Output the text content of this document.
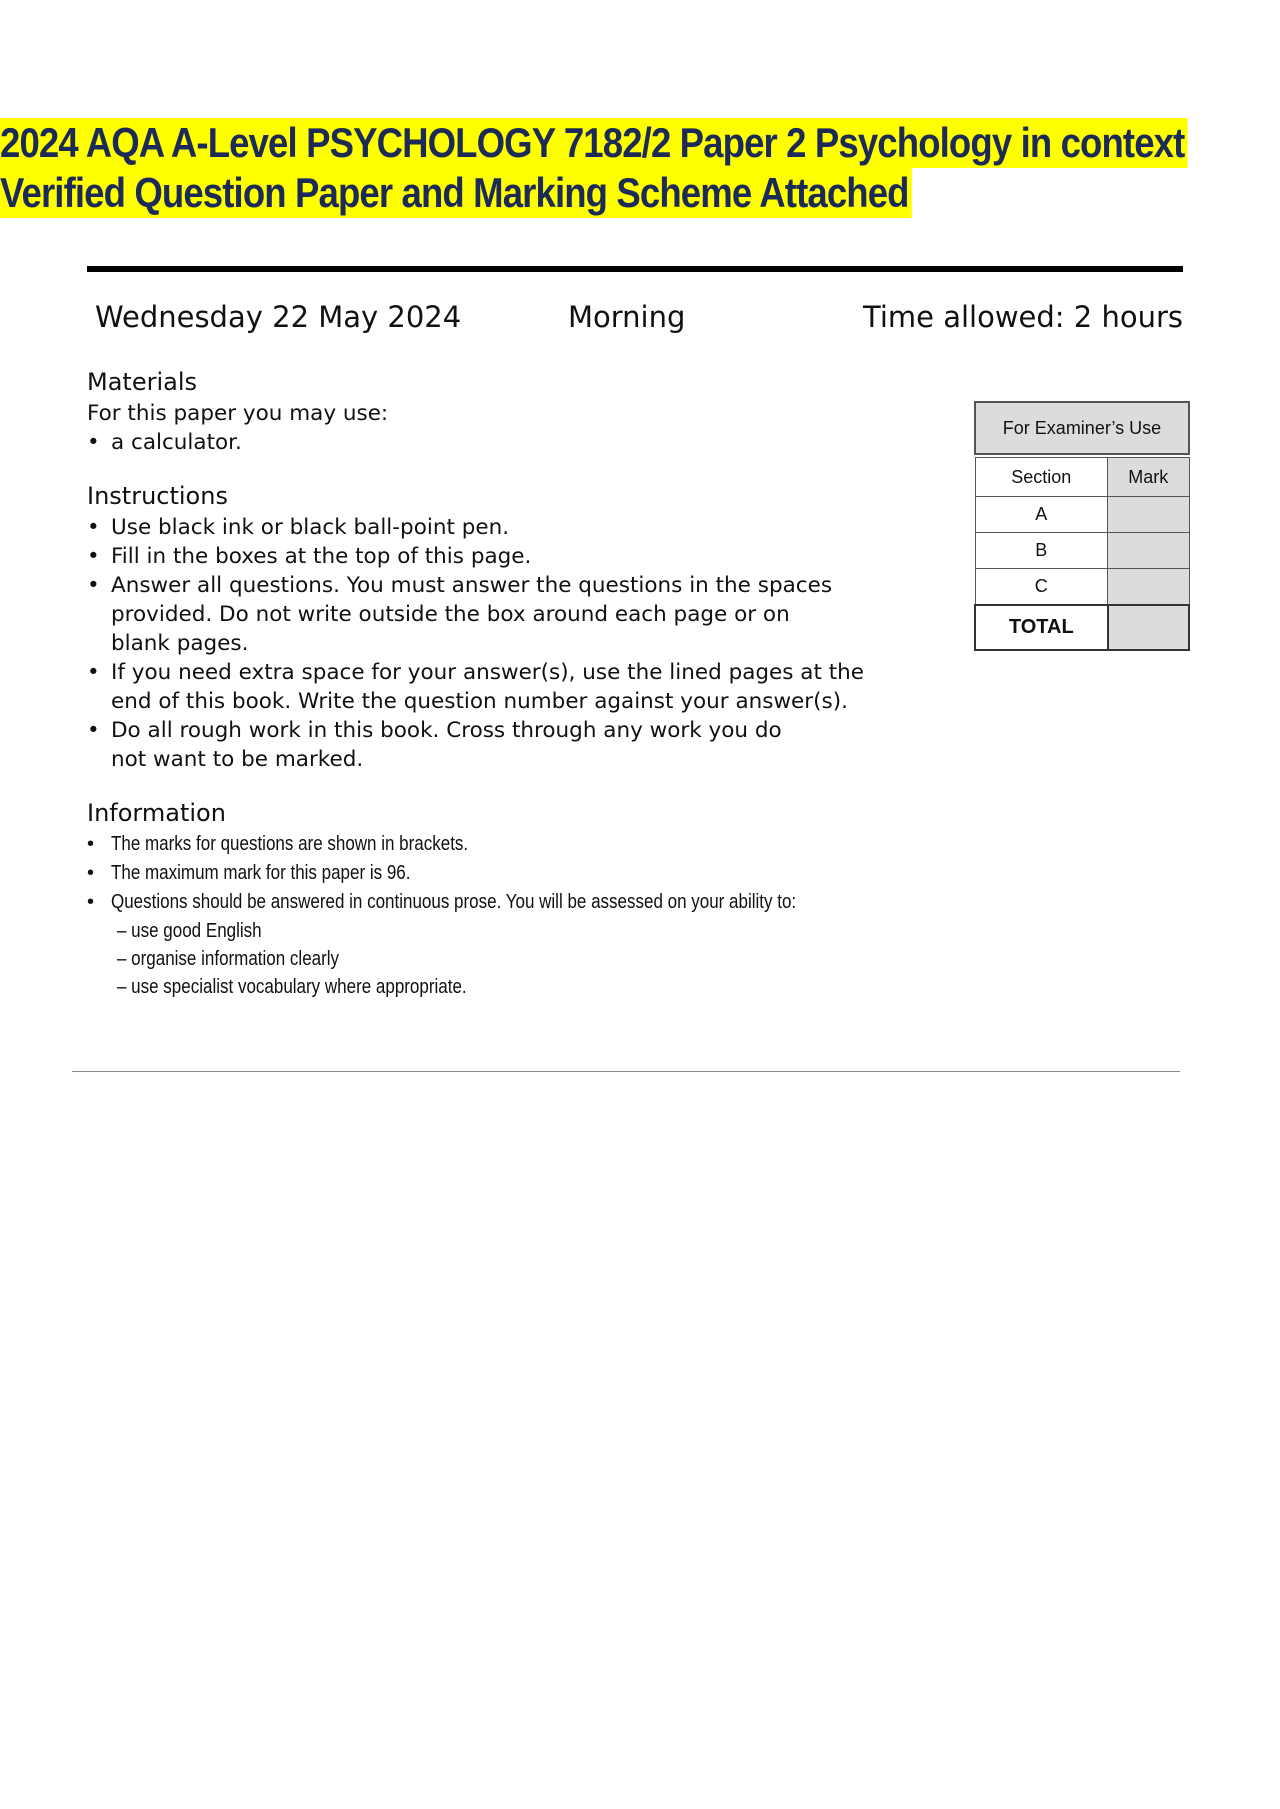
2024 AQA A-Level PSYCHOLOGY 7182/2 Paper 2 Psychology in context
Verified Question Paper and Marking Scheme Attached
Wednesday 22 May 2024	Morning	Time allowed: 2 hours
Materials
For this paper you may use:
• a calculator.
Instructions
• Use black ink or black ball-point pen.
• Fill in the boxes at the top of this page.
• Answer all questions. You must answer the questions in the spaces
provided. Do not write outside the box around each page or on
blank pages.
• If you need extra space for your answer(s), use the lined pages at the
end of this book. Write the question number against your answer(s).
• Do all rough work in this book. Cross through any work you do
not want to be marked.
Information
• The marks for questions are shown in brackets.
• The maximum mark for this paper is 96.
• Questions should be answered in continuous prose. You will be assessed on your ability to:
– use good English
– organise information clearly
– use specialist vocabulary where appropriate.
For Examiner’s Use	

Section	Mark
A	
B	
C	
TOTAL	
